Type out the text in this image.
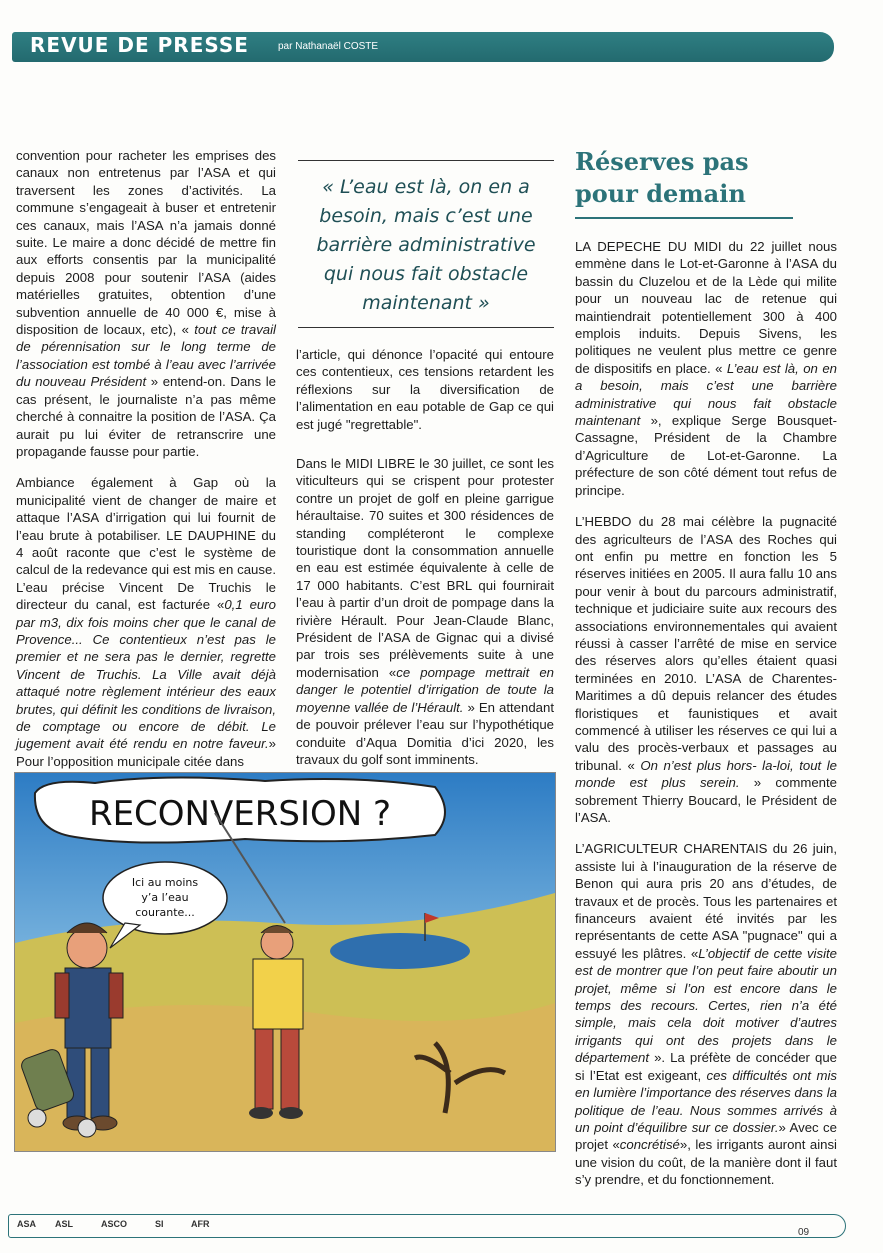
REVUE DE PRESSE	par Nathanaël COSTE

convention pour racheter les emprises des canaux non entretenus par l’ASA et qui traversent les zones d’activités. La commune s’engageait à buser et entretenir ces canaux, mais l’ASA n’a jamais donné suite. Le maire a donc décidé de mettre fin aux efforts consentis par la municipalité depuis 2008 pour soutenir l’ASA (aides matérielles gratuites, obtention d’une subvention annuelle de 40 000 €, mise à disposition de locaux, etc), « tout ce travail de pérennisation sur le long terme de l’association est tombé à l’eau avec l’arrivée du nouveau Président » entend-on. Dans le cas présent, le journaliste n’a pas même cherché à connaitre la position de l’ASA. Ça aurait pu lui éviter de retranscrire une propagande fausse pour partie.

Ambiance également à Gap où la municipalité vient de changer de maire et attaque l’ASA d’irrigation qui lui fournit de l’eau brute à potabiliser. LE DAUPHINE du 4 août raconte que c’est le système de calcul de la redevance qui est mis en cause. L’eau précise Vincent De Truchis le directeur du canal, est facturée «0,1 euro par m3, dix fois moins cher que le canal de Provence... Ce contentieux n’est pas le premier et ne sera pas le dernier, regrette Vincent de Truchis. La Ville avait déjà attaqué notre règlement intérieur des eaux brutes, qui définit les conditions de livraison, de comptage ou encore de débit. Le jugement avait été rendu en notre faveur.» Pour l’opposition municipale citée dans

« L’eau est là, on en a besoin, mais c’est une barrière administrative qui nous fait obstacle maintenant »

l’article, qui dénonce l’opacité qui entoure ces contentieux, ces tensions retardent les réflexions sur la diversification de l’alimentation en eau potable de Gap ce qui est jugé "regrettable".

Dans le MIDI LIBRE le 30 juillet, ce sont les viticulteurs qui se crispent pour protester contre un projet de golf en pleine garrigue héraultaise. 70 suites et 300 résidences de standing compléteront le complexe touristique dont la consommation annuelle en eau est estimée équivalente à celle de 17 000 habitants. C’est BRL qui fournirait l’eau à partir d’un droit de pompage dans la rivière Hérault. Pour Jean-Claude Blanc, Président de l’ASA de Gignac qui a divisé par trois ses prélèvements suite à une modernisation «ce pompage mettrait en danger le potentiel d’irrigation de toute la moyenne vallée de l’Hérault. » En attendant de pouvoir prélever l’eau sur l’hypothétique conduite d’Aqua Domitia d’ici 2020, les travaux du golf sont imminents.

Réserves pas pour demain

LA DEPECHE DU MIDI du 22 juillet nous emmène dans le Lot-et-Garonne à l’ASA du bassin du Cluzelou et de la Lède qui milite pour un nouveau lac de retenue qui maintiendrait potentiellement 300 à 400 emplois induits. Depuis Sivens, les politiques ne veulent plus mettre ce genre de dispositifs en place. « L’eau est là, on en a besoin, mais c’est une barrière administrative qui nous fait obstacle maintenant », explique Serge Bousquet-Cassagne, Président de la Chambre d’Agriculture de Lot-et-Garonne. La préfecture de son côté dément tout refus de principe.

L’HEBDO du 28 mai célèbre la pugnacité des agriculteurs de l’ASA des Roches qui ont enfin pu mettre en fonction les 5 réserves initiées en 2005. Il aura fallu 10 ans pour venir à bout du parcours administratif, technique et judiciaire suite aux recours des associations environnementales qui avaient réussi à casser l’arrêté de mise en service des réserves alors qu’elles étaient quasi terminées en 2010. L’ASA de Charentes-Maritimes a dû depuis relancer des études floristiques et faunistiques et avait commencé à utiliser les réserves ce qui lui a valu des procès-verbaux et passages au tribunal. « On n’est plus hors- la-loi, tout le monde est plus serein. » commente sobrement Thierry Boucard, le Président de l’ASA.

L’AGRICULTEUR CHARENTAIS du 26 juin, assiste lui à l’inauguration de la réserve de Benon qui aura pris 20 ans d’études, de travaux et de procès. Tous les partenaires et financeurs avaient été invités par les représentants de cette ASA "pugnace" qui a essuyé les plâtres. «L’objectif de cette visite est de montrer que l’on peut faire aboutir un projet, même si l’on est encore dans le temps des recours. Certes, rien n’a été simple, mais cela doit motiver d’autres irrigants qui ont des projets dans le département ». La préfète de concéder que si l’Etat est exigeant, ces difficultés ont mis en lumière l’importance des réserves dans la politique de l’eau. Nous sommes arrivés à un point d’équilibre sur ce dossier.» Avec ce projet «concrétisé», les irrigants auront ainsi une vision du coût, de la manière dont il faut s’y prendre, et du fonctionnement.

RECONVERSION ?
Ici au moins
y’a l’eau
courante...
ASA ASL	ASCO	SI	AFR
09
